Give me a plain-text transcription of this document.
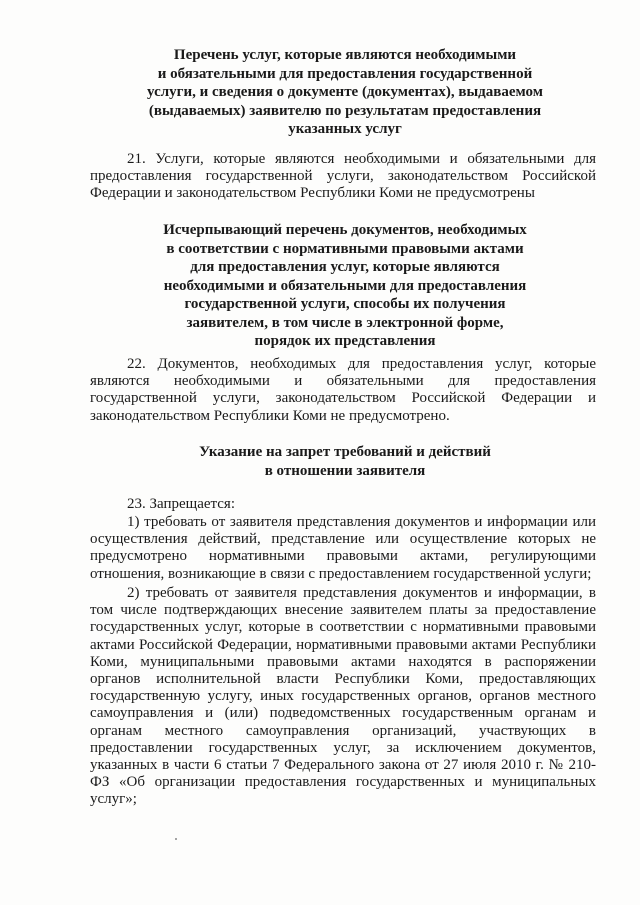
Перечень услуг, которые являются необходимыми
и обязательными для предоставления государственной
услуги, и сведения о документе (документах), выдаваемом
(выдаваемых) заявителю по результатам предоставления
указанных услуг

21. Услуги, которые являются необходимыми и обязательными для предоставления государственной услуги, законодательством Российской Федерации и законодательством Республики Коми не предусмотрены

Исчерпывающий перечень документов, необходимых
в соответствии с нормативными правовыми актами
для предоставления услуг, которые являются
необходимыми и обязательными для предоставления
государственной услуги, способы их получения
заявителем, в том числе в электронной форме,
порядок их представления

22. Документов, необходимых для предоставления услуг, которые являются необходимыми и обязательными для предоставления государственной услуги, законодательством Российской Федерации и законодательством Республики Коми не предусмотрено.

Указание на запрет требований и действий
в отношении заявителя

23. Запрещается:

1) требовать от заявителя представления документов и информации или осуществления действий, представление или осуществление которых не предусмотрено нормативными правовыми актами, регулирующими отношения, возникающие в связи с предоставлением государственной услуги;

2) требовать от заявителя представления документов и информации, в том числе подтверждающих внесение заявителем платы за предоставление государственных услуг, которые в соответствии с нормативными правовыми актами Российской Федерации, нормативными правовыми актами Республики Коми, муниципальными правовыми актами находятся в распоряжении органов исполнительной власти Республики Коми, предоставляющих государственную услугу, иных государственных органов, органов местного самоуправления и (или) подведомственных государственным органам и органам местного самоуправления организаций, участвующих в предоставлении государственных услуг, за исключением документов, указанных в части 6 статьи 7 Федерального закона от 27 июля 2010 г. № 210-ФЗ «Об организации предоставления государственных и муниципальных услуг»;
